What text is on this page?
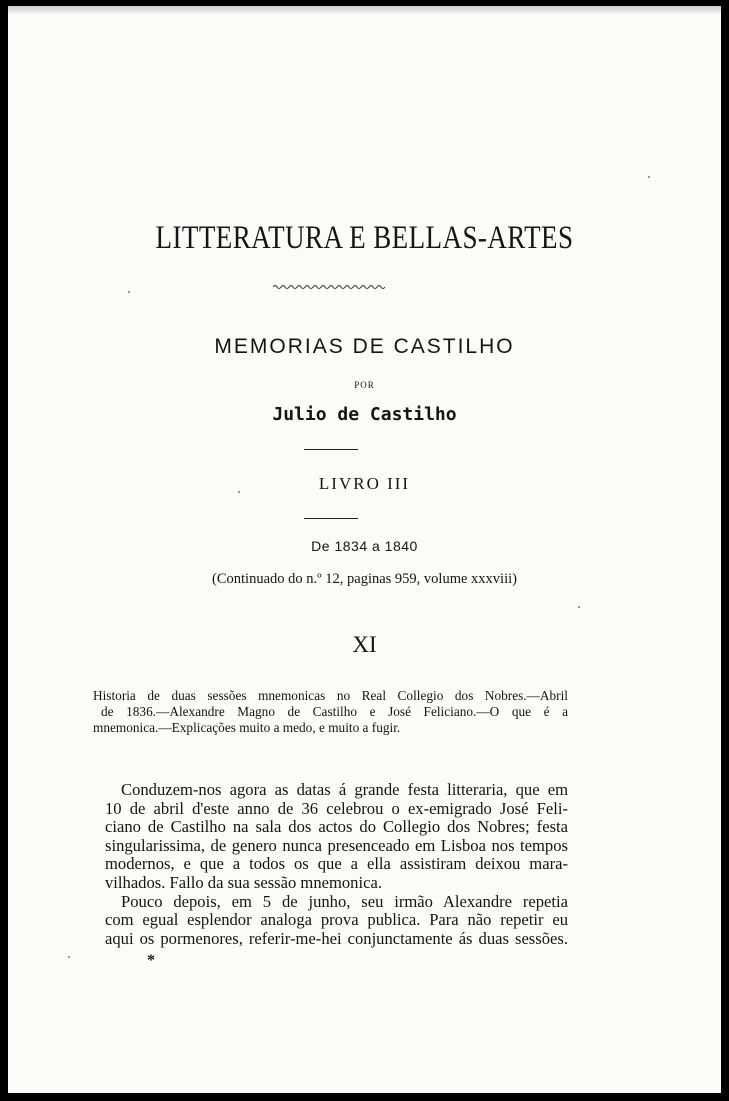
LITTERATURA E BELLAS-ARTES
MEMORIAS DE CASTILHO
POR
Julio de Castilho
LIVRO III
De 1834 a 1840
(Continuado do n.º 12, paginas 959, volume xxxviii)
XI
Historia de duas sessões mnemonicas no Real Collegio dos Nobres.—Abril
de 1836.—Alexandre Magno de Castilho e José Feliciano.—O que é a
mnemonica.—Explicações muito a medo, e muito a fugir.
Conduzem-nos agora as datas á grande festa litteraria, que em
10 de abril d'este anno de 36 celebrou o ex-emigrado José Feli-
ciano de Castilho na sala dos actos do Collegio dos Nobres; festa
singularissima, de genero nunca presenceado em Lisboa nos tempos
modernos, e que a todos os que a ella assistiram deixou mara-
vilhados. Fallo da sua sessão mnemonica.
Pouco depois, em 5 de junho, seu irmão Alexandre repetia
com egual esplendor analoga prova publica. Para não repetir eu
aqui os pormenores, referir-me-hei conjunctamente ás duas sessões.
*
